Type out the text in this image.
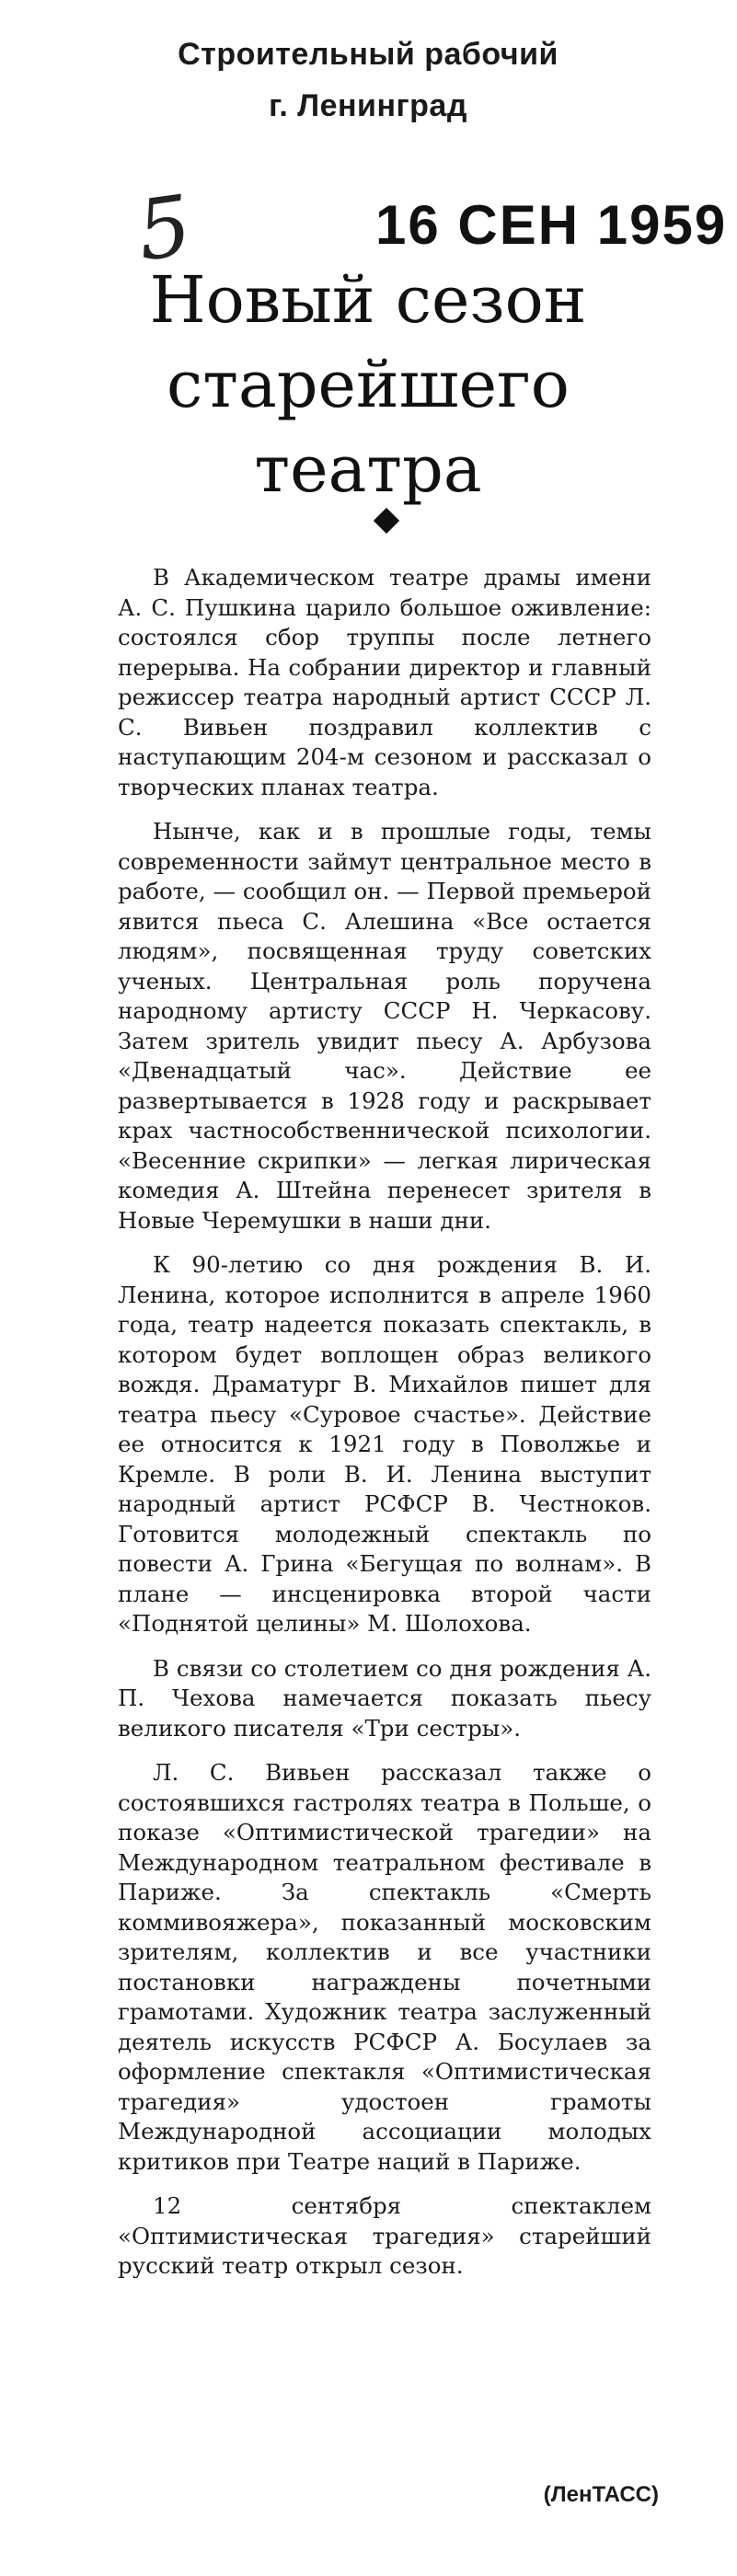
Строительный рабочий
г. Ленинград
5	16 СЕН 1959
Новый сезон
старейшего
театра

В Академическом театре драмы имени А. С. Пушкина царило большое оживление: состоялся сбор труппы после летнего перерыва. На собрании директор и главный режиссер театра народный артист СССР Л. С. Вивьен поздравил коллектив с наступающим 204-м сезоном и рассказал о творческих планах театра.

Нынче, как и в прошлые годы, темы современности займут центральное место в работе, — сообщил он. — Первой премьерой явится пьеса С. Алешина «Все остается людям», посвященная труду советских ученых. Центральная роль поручена народному артисту СССР Н. Черкасову. Затем зритель увидит пьесу А. Арбузова «Двенадцатый час». Действие ее развертывается в 1928 году и раскрывает крах частнособственнической психологии. «Весенние скрипки» — легкая лирическая комедия А. Штейна перенесет зрителя в Новые Черемушки в наши дни.

К 90-летию со дня рождения В. И. Ленина, которое исполнится в апреле 1960 года, театр надеется показать спектакль, в котором будет воплощен образ великого вождя. Драматург В. Михайлов пишет для театра пьесу «Суровое счастье». Действие ее относится к 1921 году в Поволжье и Кремле. В роли В. И. Ленина выступит народный артист РСФСР В. Честноков. Готовится молодежный спектакль по повести А. Грина «Бегущая по волнам». В плане — инсценировка второй части «Поднятой целины» М. Шолохова.

В связи со столетием со дня рождения А. П. Чехова намечается показать пьесу великого писателя «Три сестры».

Л. С. Вивьен рассказал также о состоявшихся гастролях театра в Польше, о показе «Оптимистической трагедии» на Международном театральном фестивале в Париже. За спектакль «Смерть коммивояжера», показанный московским зрителям, коллектив и все участники постановки награждены почетными грамотами. Художник театра заслуженный деятель искусств РСФСР А. Босулаев за оформление спектакля «Оптимистическая трагедия» удостоен грамоты Международной ассоциации молодых критиков при Театре наций в Париже.

12 сентября спектаклем «Оптимистическая трагедия» старейший русский театр открыл сезон.

(ЛенТАСС)
